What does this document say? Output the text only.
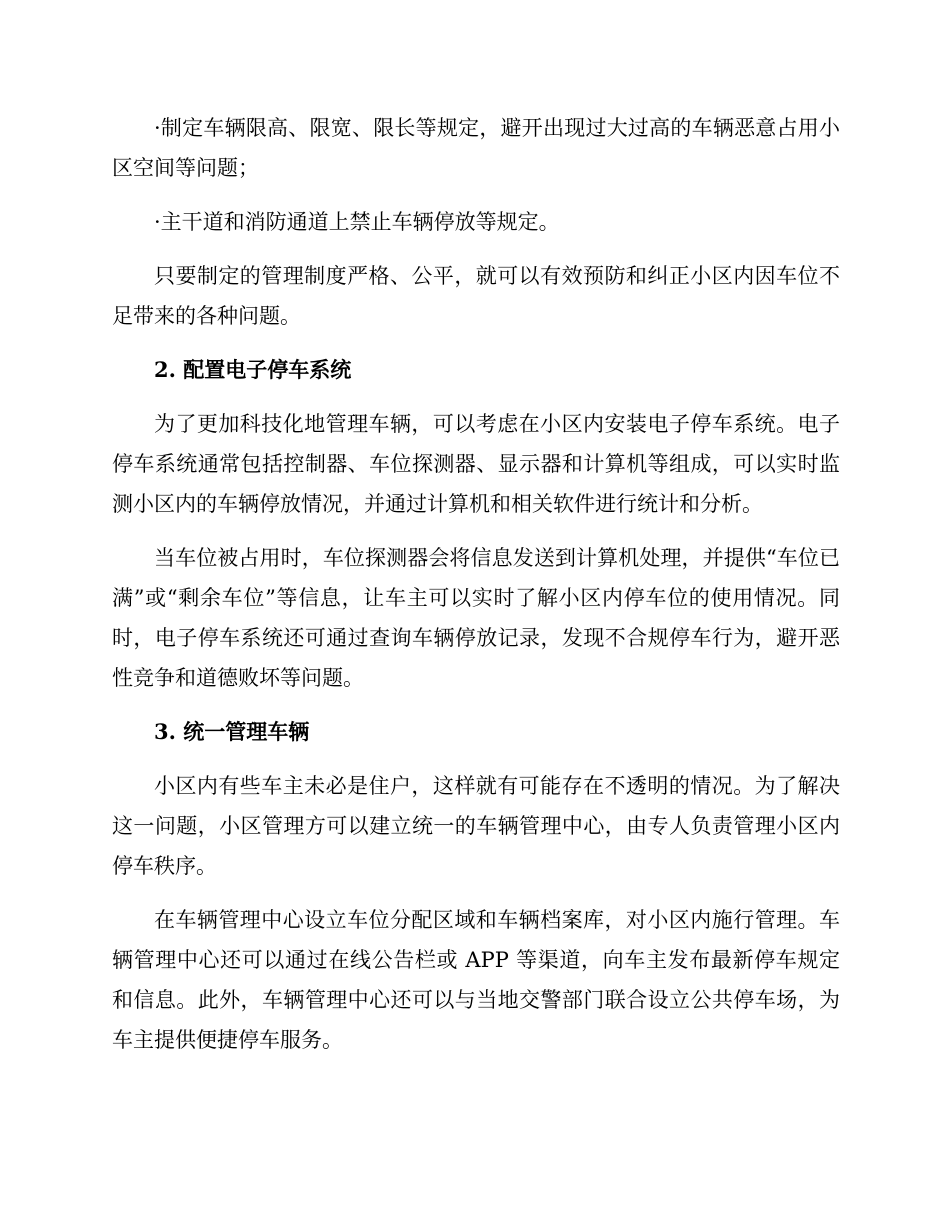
·制定车辆限高、限宽、限长等规定，避开出现过大过高的车辆恶意占用小区空间等问题；

·主干道和消防通道上禁止车辆停放等规定。

只要制定的管理制度严格、公平，就可以有效预防和纠正小区内因车位不足带来的各种问题。

2. 配置电子停车系统

为了更加科技化地管理车辆，可以考虑在小区内安装电子停车系统。电子停车系统通常包括控制器、车位探测器、显示器和计算机等组成，可以实时监测小区内的车辆停放情况，并通过计算机和相关软件进行统计和分析。

当车位被占用时，车位探测器会将信息发送到计算机处理，并提供“车位已满”或“剩余车位”等信息，让车主可以实时了解小区内停车位的使用情况。同时，电子停车系统还可通过查询车辆停放记录，发现不合规停车行为，避开恶性竞争和道德败坏等问题。

3. 统一管理车辆

小区内有些车主未必是住户，这样就有可能存在不透明的情况。为了解决这一问题，小区管理方可以建立统一的车辆管理中心，由专人负责管理小区内停车秩序。

在车辆管理中心设立车位分配区域和车辆档案库，对小区内施行管理。车辆管理中心还可以通过在线公告栏或 APP 等渠道，向车主发布最新停车规定和信息。此外，车辆管理中心还可以与当地交警部门联合设立公共停车场，为车主提供便捷停车服务。
